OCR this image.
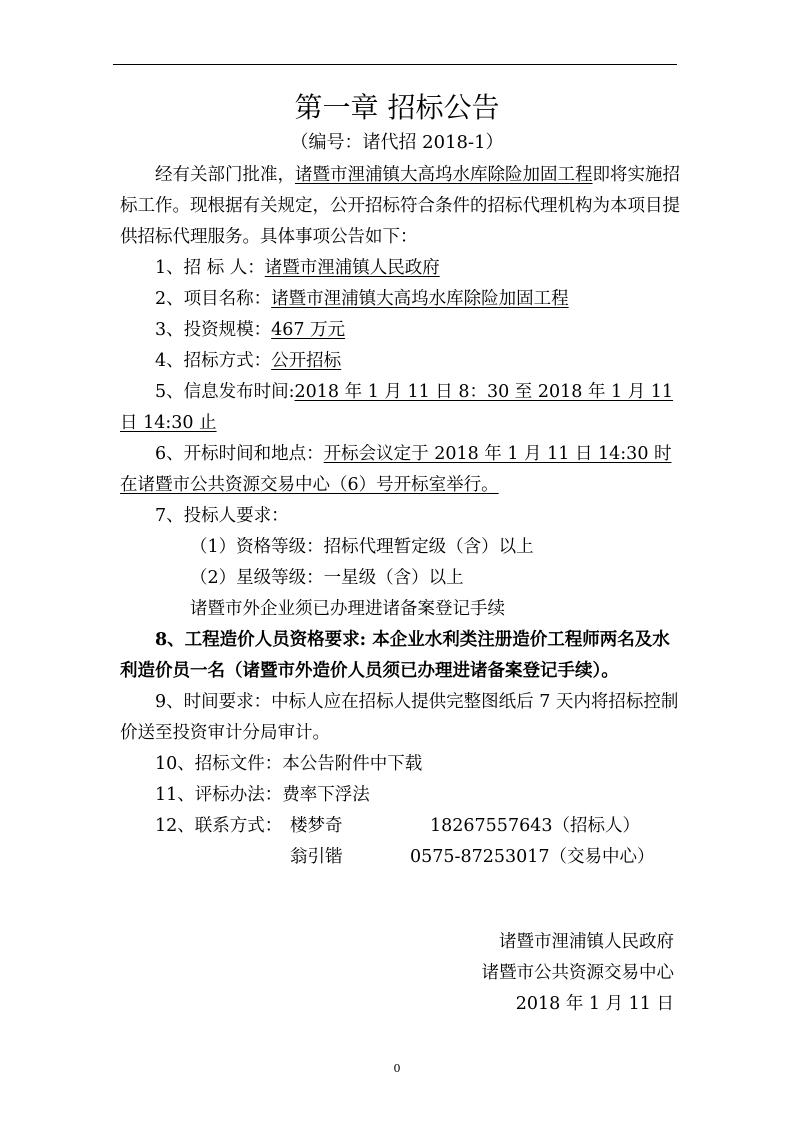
第一章 招标公告
（编号：诸代招 2018-1）

经有关部门批准，诸暨市浬浦镇大高坞水库除险加固工程即将实施招标工作。现根据有关规定，公开招标符合条件的招标代理机构为本项目提供招标代理服务。具体事项公告如下：

1、招 标 人：诸暨市浬浦镇人民政府

2、项目名称：诸暨市浬浦镇大高坞水库除险加固工程

3、投资规模：467 万元

4、招标方式：公开招标

5、信息发布时间:2018 年 1 月 11 日 8：30 至 2018 年 1 月 11 日 14:30 止

6、开标时间和地点：开标会议定于 2018 年 1 月 11 日 14:30 时在诸暨市公共资源交易中心（6）号开标室举行。

7、投标人要求：

（1）资格等级：招标代理暂定级（含）以上

（2）星级等级：一星级（含）以上

诸暨市外企业须已办理进诸备案登记手续

8、工程造价人员资格要求: 本企业水利类注册造价工程师两名及水利造价员一名（诸暨市外造价人员须已办理进诸备案登记手续）。

9、时间要求：中标人应在招标人提供完整图纸后 7 天内将招标控制价送至投资审计分局审计。

10、招标文件：本公告附件中下载

11、评标办法：费率下浮法

12、联系方式： 楼梦奇	18267557643（招标人）

翁引锴	0575-87253017（交易中心）

诸暨市浬浦镇人民政府
诸暨市公共资源交易中心
2018 年 1 月 11 日
0
